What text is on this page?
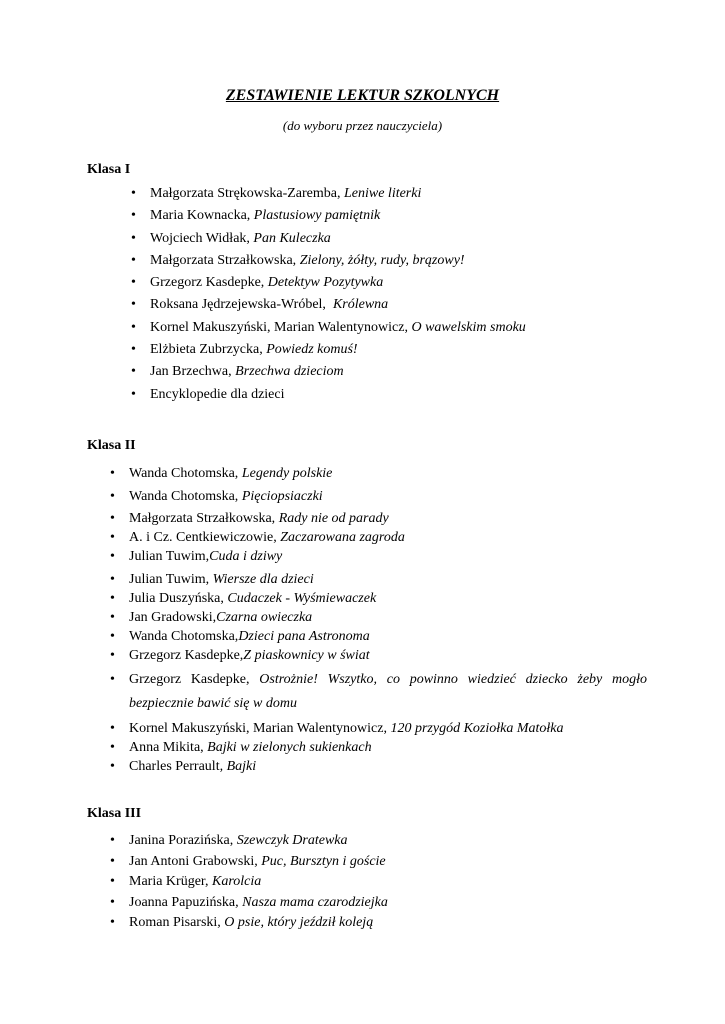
ZESTAWIENIE LEKTUR SZKOLNYCH
(do wyboru przez nauczyciela)
Klasa I
• Małgorzata Strękowska-Zaremba, Leniwe literki
• Maria Kownacka, Plastusiowy pamiętnik
• Wojciech Widłak, Pan Kuleczka
• Małgorzata Strzałkowska, Zielony, żółty, rudy, brązowy!
• Grzegorz Kasdepke, Detektyw Pozytywka
• Roksana Jędrzejewska-Wróbel,  Królewna
• Kornel Makuszyński, Marian Walentynowicz, O wawelskim smoku
• Elżbieta Zubrzycka, Powiedz komuś!
• Jan Brzechwa, Brzechwa dzieciom
• Encyklopedie dla dzieci
Klasa II
• Wanda Chotomska, Legendy polskie
• Wanda Chotomska, Pięciopsiaczki
• Małgorzata Strzałkowska, Rady nie od parady
• A. i Cz. Centkiewiczowie, Zaczarowana zagroda
• Julian Tuwim,Cuda i dziwy
• Julian Tuwim, Wiersze dla dzieci
• Julia Duszyńska, Cudaczek - Wyśmiewaczek
• Jan Gradowski,Czarna owieczka
• Wanda Chotomska,Dzieci pana Astronoma
• Grzegorz Kasdepke,Z piaskownicy w świat
• Grzegorz Kasdepke, Ostrożnie! Wszytko, co powinno wiedzieć dziecko żeby mogło bezpiecznie bawić się w domu
• Kornel Makuszyński, Marian Walentynowicz, 120 przygód Koziołka Matołka
• Anna Mikita, Bajki w zielonych sukienkach
• Charles Perrault, Bajki
Klasa III
• Janina Porazińska, Szewczyk Dratewka
• Jan Antoni Grabowski, Puc, Bursztyn i goście
• Maria Krüger, Karolcia
• Joanna Papuzińska, Nasza mama czarodziejka
• Roman Pisarski, O psie, który jeździł koleją
